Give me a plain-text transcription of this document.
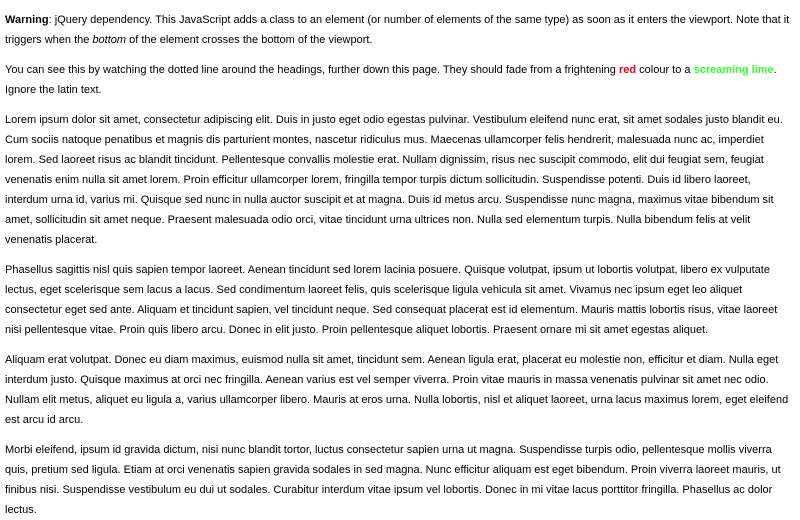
Warning: jQuery dependency. This JavaScript adds a class to an element (or number of elements of the same type) as soon as it enters the viewport. Note that it triggers when the bottom of the element crosses the bottom of the viewport.

You can see this by watching the dotted line around the headings, further down this page. They should fade from a frightening red colour to a screaming lime. Ignore the latin text.

Lorem ipsum dolor sit amet, consectetur adipiscing elit. Duis in justo eget odio egestas pulvinar. Vestibulum eleifend nunc erat, sit amet sodales justo blandit eu. Cum sociis natoque penatibus et magnis dis parturient montes, nascetur ridiculus mus. Maecenas ullamcorper felis hendrerit, malesuada nunc ac, imperdiet lorem. Sed laoreet risus ac blandit tincidunt. Pellentesque convallis molestie erat. Nullam dignissim, risus nec suscipit commodo, elit dui feugiat sem, feugiat venenatis enim nulla sit amet lorem. Proin efficitur ullamcorper lorem, fringilla tempor turpis dictum sollicitudin. Suspendisse potenti. Duis id libero laoreet, interdum urna id, varius mi. Quisque sed nunc in nulla auctor suscipit et at magna. Duis id metus arcu. Suspendisse nunc magna, maximus vitae bibendum sit amet, sollicitudin sit amet neque. Praesent malesuada odio orci, vitae tincidunt urna ultrices non. Nulla sed elementum turpis. Nulla bibendum felis at velit venenatis placerat.

Phasellus sagittis nisl quis sapien tempor laoreet. Aenean tincidunt sed lorem lacinia posuere. Quisque volutpat, ipsum ut lobortis volutpat, libero ex vulputate lectus, eget scelerisque sem lacus a lacus. Sed condimentum laoreet felis, quis scelerisque ligula vehicula sit amet. Vivamus nec ipsum eget leo aliquet consectetur eget sed ante. Aliquam et tincidunt sapien, vel tincidunt neque. Sed consequat placerat est id elementum. Mauris mattis lobortis risus, vitae laoreet nisi pellentesque vitae. Proin quis libero arcu. Donec in elit justo. Proin pellentesque aliquet lobortis. Praesent ornare mi sit amet egestas aliquet.

Aliquam erat volutpat. Donec eu diam maximus, euismod nulla sit amet, tincidunt sem. Aenean ligula erat, placerat eu molestie non, efficitur et diam. Nulla eget interdum justo. Quisque maximus at orci nec fringilla. Aenean varius est vel semper viverra. Proin vitae mauris in massa venenatis pulvinar sit amet nec odio. Nullam elit metus, aliquet eu ligula a, varius ullamcorper libero. Mauris at eros urna. Nulla lobortis, nisl et aliquet laoreet, urna lacus maximus lorem, eget eleifend est arcu id arcu.

Morbi eleifend, ipsum id gravida dictum, nisi nunc blandit tortor, luctus consectetur sapien urna ut magna. Suspendisse turpis odio, pellentesque mollis viverra quis, pretium sed ligula. Etiam at orci venenatis sapien gravida sodales in sed magna. Nunc efficitur aliquam est eget bibendum. Proin viverra laoreet mauris, ut finibus nisi. Suspendisse vestibulum eu dui ut sodales. Curabitur interdum vitae ipsum vel lobortis. Donec in mi vitae lacus porttitor fringilla. Phasellus ac dolor lectus.
